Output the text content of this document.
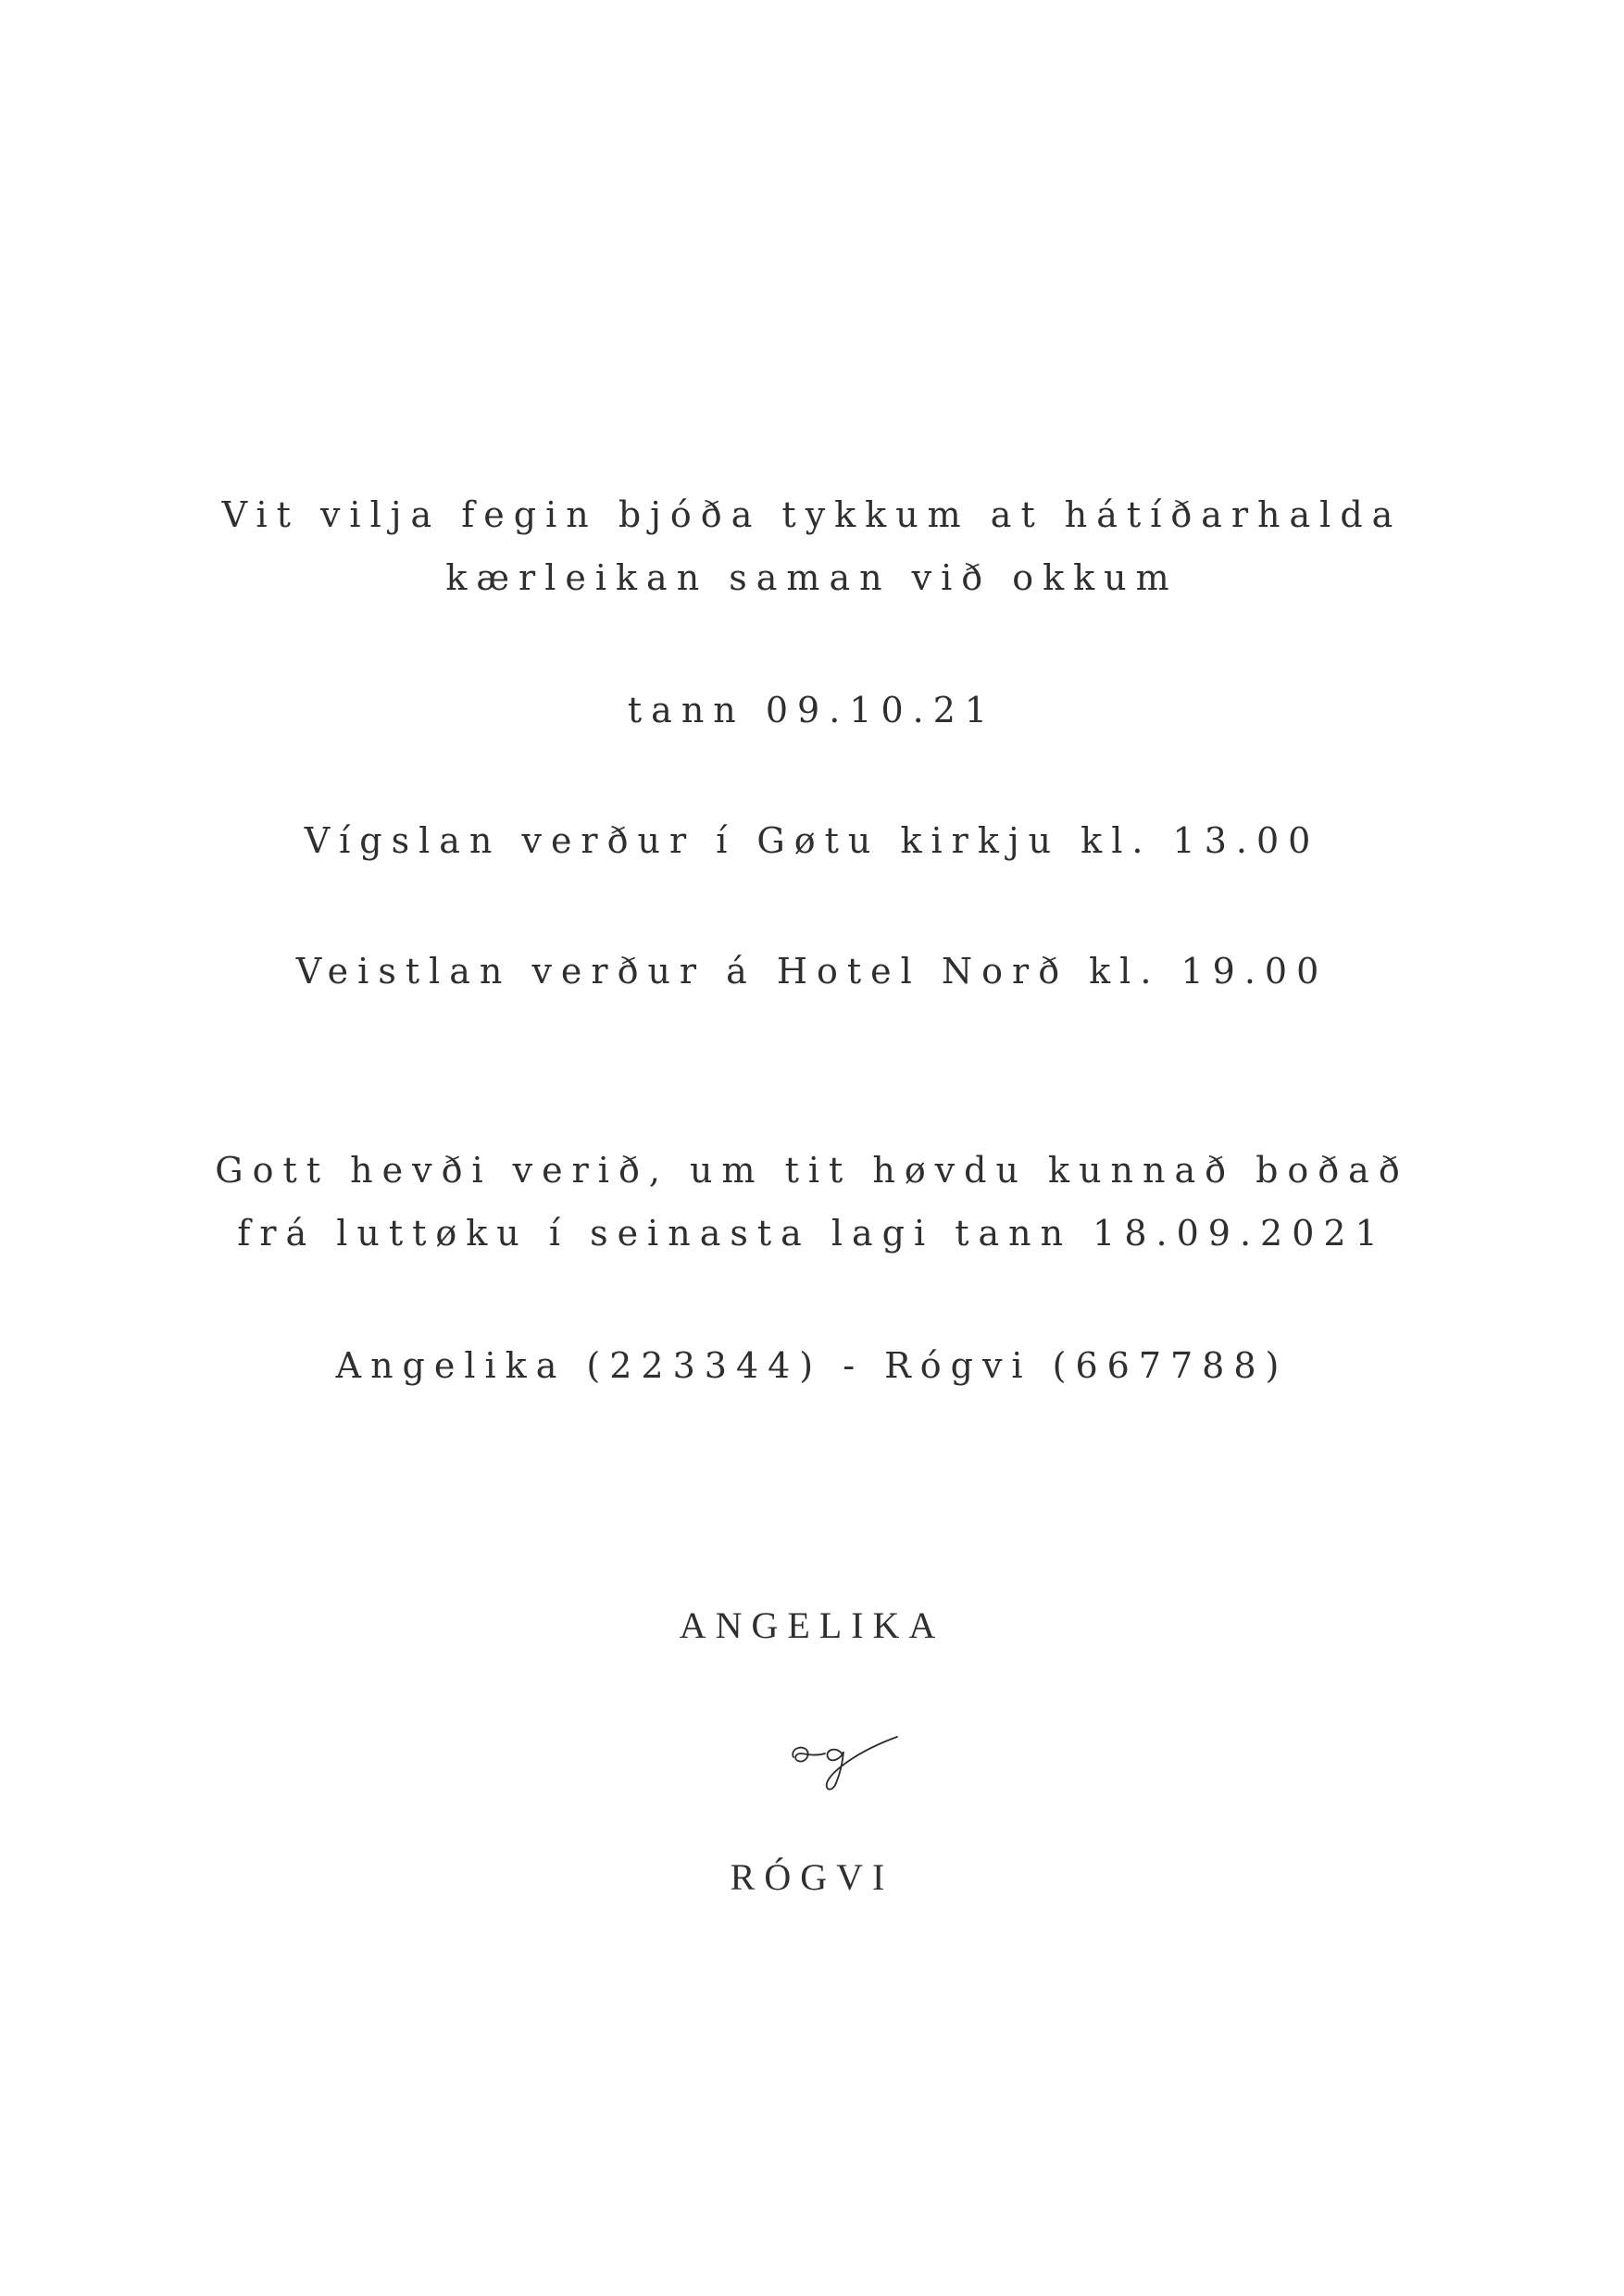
Vit vilja fegin bjóða tykkum at hátíðarhalda
kærleikan saman við okkum
tann 09.10.21
Vígslan verður í Gøtu kirkju kl. 13.00
Veistlan verður á Hotel Norð kl. 19.00
Gott hevði verið, um tit høvdu kunnað boðað
frá luttøku í seinasta lagi tann 18.09.2021
Angelika (223344) - Rógvi (667788)
ANGELIKA
RÓGVI
